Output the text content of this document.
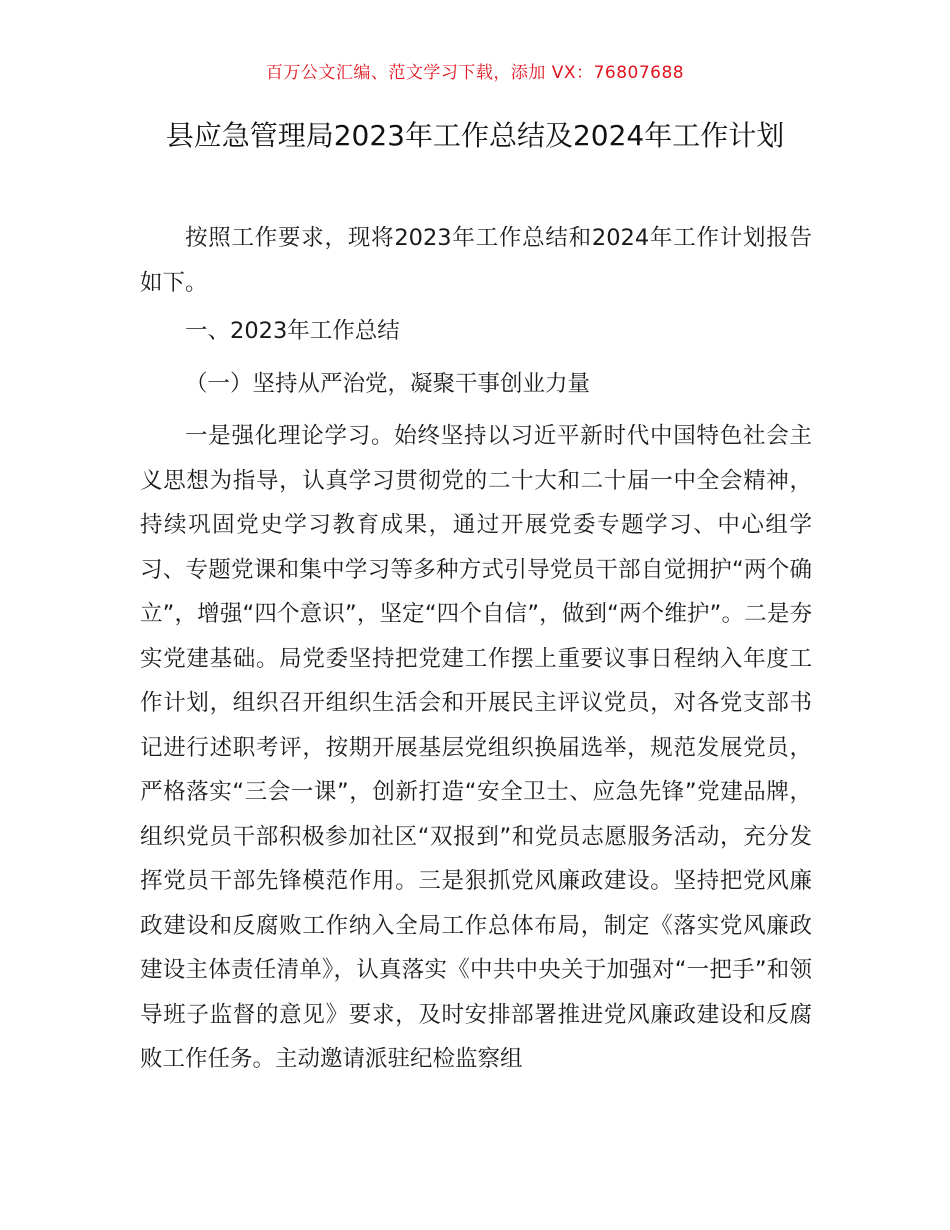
百万公文汇编、范文学习下载，添加 VX：76807688
县应急管理局2023年工作总结及2024年工作计划
按照工作要求，现将2023年工作总结和2024年工作计划报告如下。
一、2023年工作总结
（一）坚持从严治党，凝聚干事创业力量
一是强化理论学习。始终坚持以习近平新时代中国特色社会主义思想为指导，认真学习贯彻党的二十大和二十届一中全会精神，持续巩固党史学习教育成果，通过开展党委专题学习、中心组学习、专题党课和集中学习等多种方式引导党员干部自觉拥护“两个确立”，增强“四个意识”，坚定“四个自信”，做到“两个维护”。二是夯实党建基础。局党委坚持把党建工作摆上重要议事日程纳入年度工作计划，组织召开组织生活会和开展民主评议党员，对各党支部书记进行述职考评，按期开展基层党组织换届选举，规范发展党员，严格落实“三会一课”，创新打造“安全卫士、应急先锋”党建品牌，组织党员干部积极参加社区“双报到”和党员志愿服务活动，充分发挥党员干部先锋模范作用。三是狠抓党风廉政建设。坚持把党风廉政建设和反腐败工作纳入全局工作总体布局，制定《落实党风廉政建设主体责任清单》，认真落实《中共中央关于加强对“一把手”和领导班子监督的意见》要求，及时安排部署推进党风廉政建设和反腐败工作任务。主动邀请派驻纪检监察组
